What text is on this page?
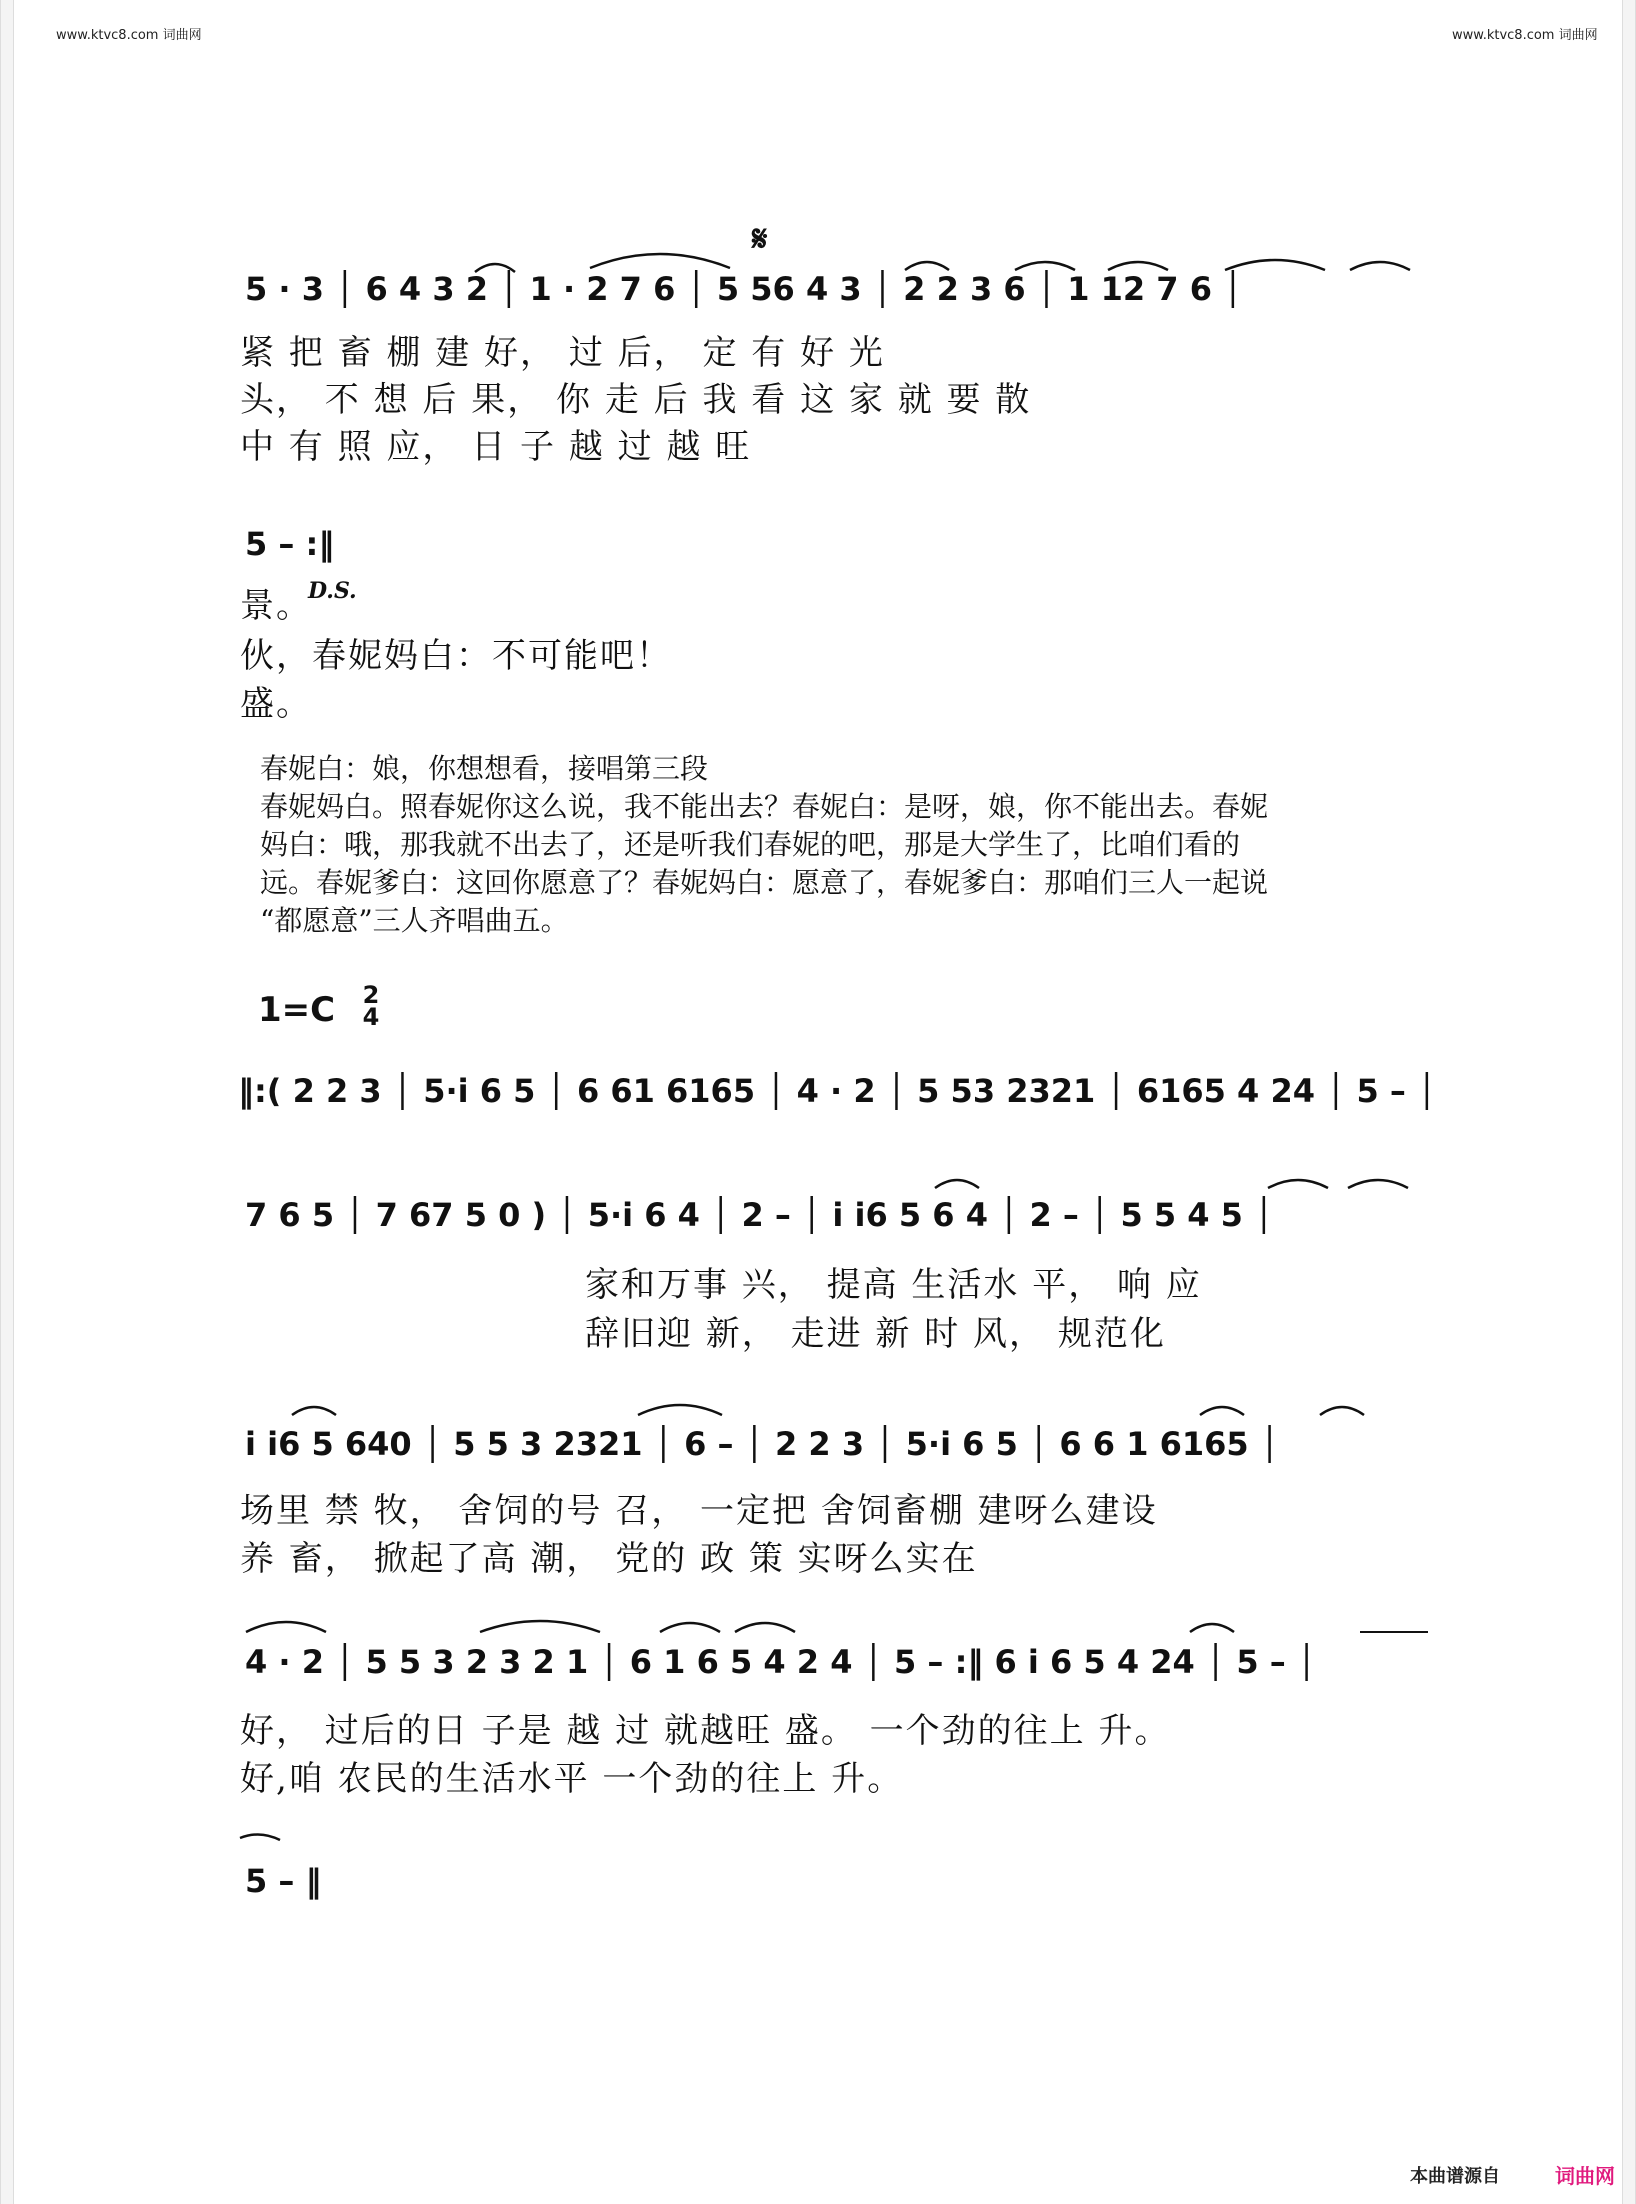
www.ktvc8.com 词曲网	www.ktvc8.com 词曲网
𝄋
5 · 3 │ 6 4 3 2 │ 1 · 2 7 6 │ 5 56 4 3 │ 2 2 3 6 │ 1 12 7 6 │
紧 把 畜 棚 建 好， 过 后， 定 有 好 光
头， 不 想 后 果， 你 走 后 我 看 这 家 就 要 散
中 有 照 应， 日 子 越 过 越 旺
5 – :‖
景。
D.S.
伙，春妮妈白：不可能吧！
盛。
春妮白：娘，你想想看，接唱第三段
春妮妈白。照春妮你这么说，我不能出去？春妮白：是呀，娘，你不能出去。春妮
妈白：哦，那我就不出去了，还是听我们春妮的吧，那是大学生了，比咱们看的
远。春妮爹白：这回你愿意了？春妮妈白：愿意了，春妮爹白：那咱们三人一起说
“都愿意”三人齐唱曲五。
1=C 2
4
‖:( 2 2 3 │ 5·i 6 5 │ 6 61 6165 │ 4 · 2 │ 5 53 2321 │ 6165 4 24 │ 5 – │
7 6 5 │ 7 67 5 0 ) │ 5·i 6 4 │ 2 – │ i i6 5 6 4 │ 2 – │ 5 5 4 5 │
家和万事 兴， 提高 生活水 平， 响 应
辞旧迎 新， 走进 新 时 风， 规范化
i i6 5 640 │ 5 5 3 2321 │ 6 – │ 2 2 3 │ 5·i 6 5 │ 6 6 1 6165 │
场里 禁 牧， 舍饲的号 召， 一定把 舍饲畜棚 建呀么建设
养 畜， 掀起了高 潮， 党的 政 策 实呀么实在
4 · 2 │ 5 5 3 2 3 2 1 │ 6 1 6 5 4 2 4 │ 5 – :‖ 6 i 6 5 4 24 │ 5 – │
好， 过后的日 子是 越 过 就越旺 盛。 一个劲的往上 升。
好,咱 农民的生活水平 一个劲的往上 升。
5 – ‖
本曲谱源自	词曲网
